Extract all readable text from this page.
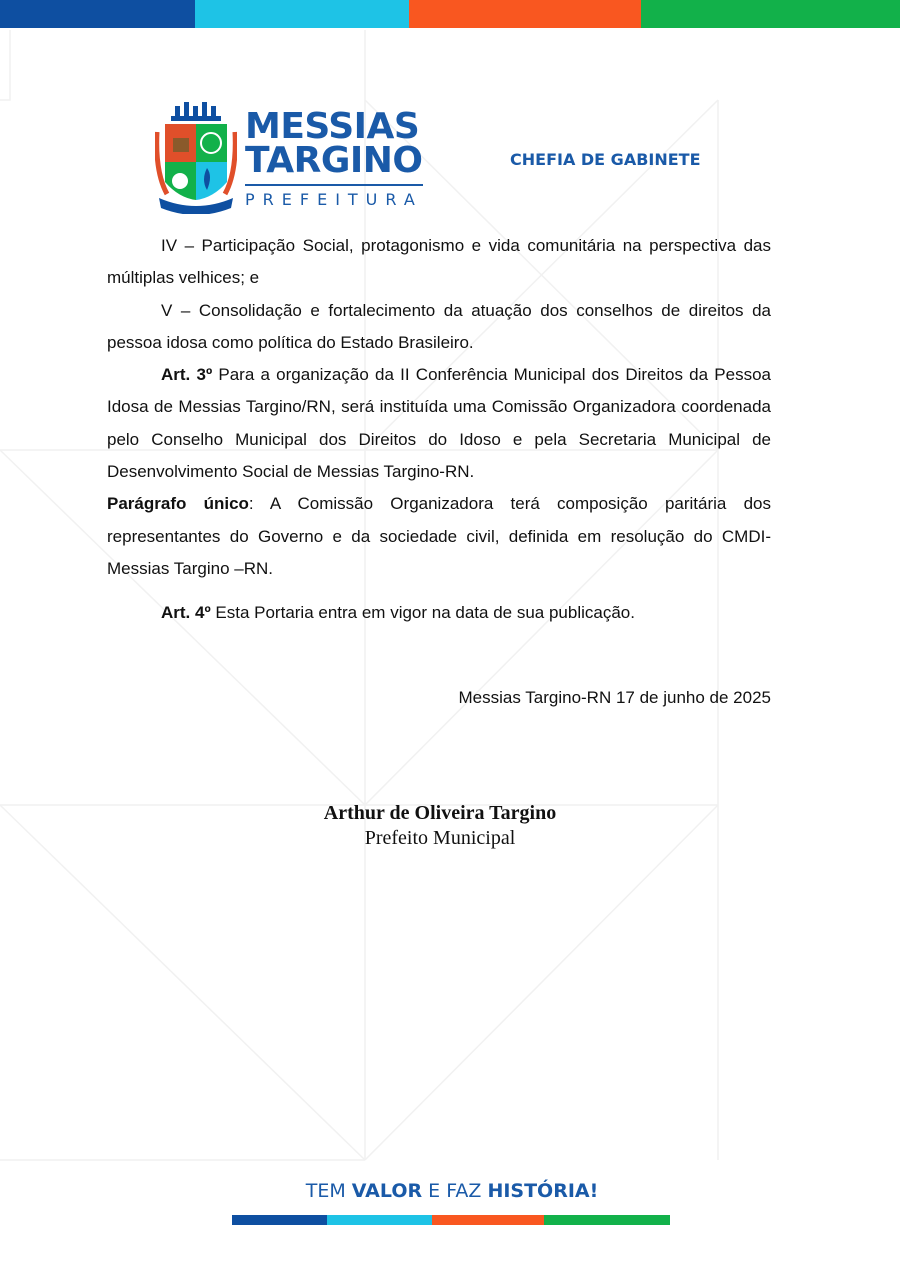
MESSIAS
TARGINO
PREFEITURA
CHEFIA DE GABINETE

IV – Participação Social, protagonismo e vida comunitária na perspectiva das múltiplas velhices; e

V – Consolidação e fortalecimento da atuação dos conselhos de direitos da pessoa idosa como política do Estado Brasileiro.

Art. 3º Para a organização da II Conferência Municipal dos Direitos da Pessoa Idosa de Messias Targino/RN, será instituída uma Comissão Organizadora coordenada pelo Conselho Municipal dos Direitos do Idoso e pela Secretaria Municipal de Desenvolvimento Social de Messias Targino-RN.

Parágrafo único: A Comissão Organizadora terá composição paritária dos representantes do Governo e da sociedade civil, definida em resolução do CMDI-Messias Targino –RN.

Art. 4º Esta Portaria entra em vigor na data de sua publicação.

Messias Targino-RN 17 de junho de 2025
Arthur de Oliveira Targino
Prefeito Municipal
TEM VALOR E FAZ HISTÓRIA!
